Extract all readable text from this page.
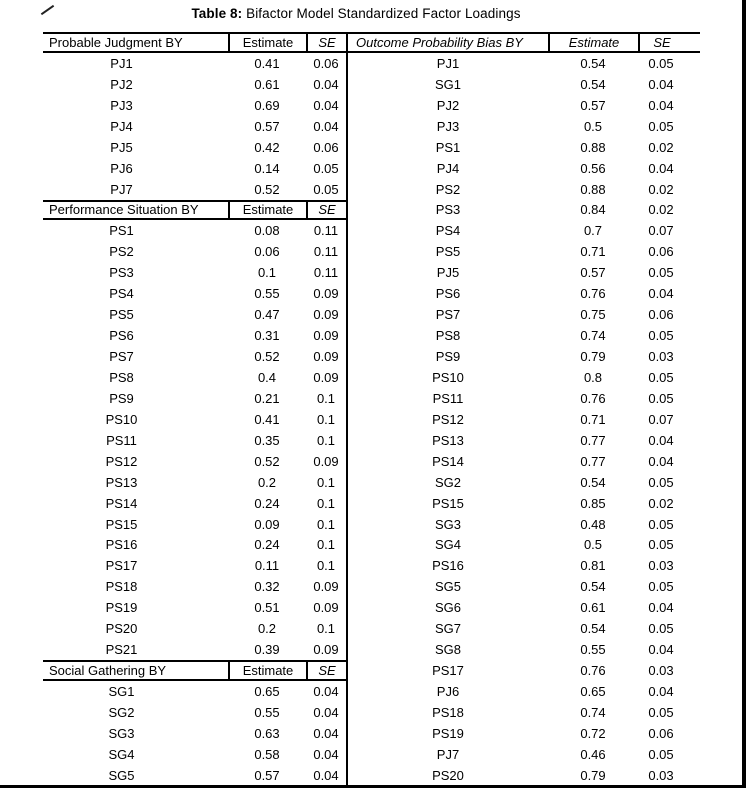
Table 8: Bifactor Model Standardized Factor Loadings
Probable Judgment BY	Estimate	SE
PJ1	0.41	0.06
PJ2	0.61	0.04
PJ3	0.69	0.04
PJ4	0.57	0.04
PJ5	0.42	0.06
PJ6	0.14	0.05
PJ7	0.52	0.05
Performance Situation BY	Estimate	SE
PS1	0.08	0.11
PS2	0.06	0.11
PS3	0.1	0.11
PS4	0.55	0.09
PS5	0.47	0.09
PS6	0.31	0.09
PS7	0.52	0.09
PS8	0.4	0.09
PS9	0.21	0.1
PS10	0.41	0.1
PS11	0.35	0.1
PS12	0.52	0.09
PS13	0.2	0.1
PS14	0.24	0.1
PS15	0.09	0.1
PS16	0.24	0.1
PS17	0.11	0.1
PS18	0.32	0.09
PS19	0.51	0.09
PS20	0.2	0.1
PS21	0.39	0.09
Social Gathering BY	Estimate	SE
SG1	0.65	0.04
SG2	0.55	0.04
SG3	0.63	0.04
SG4	0.58	0.04
SG5	0.57	0.04
Outcome Probability Bias BY	Estimate	SE
PJ1	0.54	0.05
SG1	0.54	0.04
PJ2	0.57	0.04
PJ3	0.5	0.05
PS1	0.88	0.02
PJ4	0.56	0.04
PS2	0.88	0.02
PS3	0.84	0.02
PS4	0.7	0.07
PS5	0.71	0.06
PJ5	0.57	0.05
PS6	0.76	0.04
PS7	0.75	0.06
PS8	0.74	0.05
PS9	0.79	0.03
PS10	0.8	0.05
PS11	0.76	0.05
PS12	0.71	0.07
PS13	0.77	0.04
PS14	0.77	0.04
SG2	0.54	0.05
PS15	0.85	0.02
SG3	0.48	0.05
SG4	0.5	0.05
PS16	0.81	0.03
SG5	0.54	0.05
SG6	0.61	0.04
SG7	0.54	0.05
SG8	0.55	0.04
PS17	0.76	0.03
PJ6	0.65	0.04
PS18	0.74	0.05
PS19	0.72	0.06
PJ7	0.46	0.05
PS20	0.79	0.03
